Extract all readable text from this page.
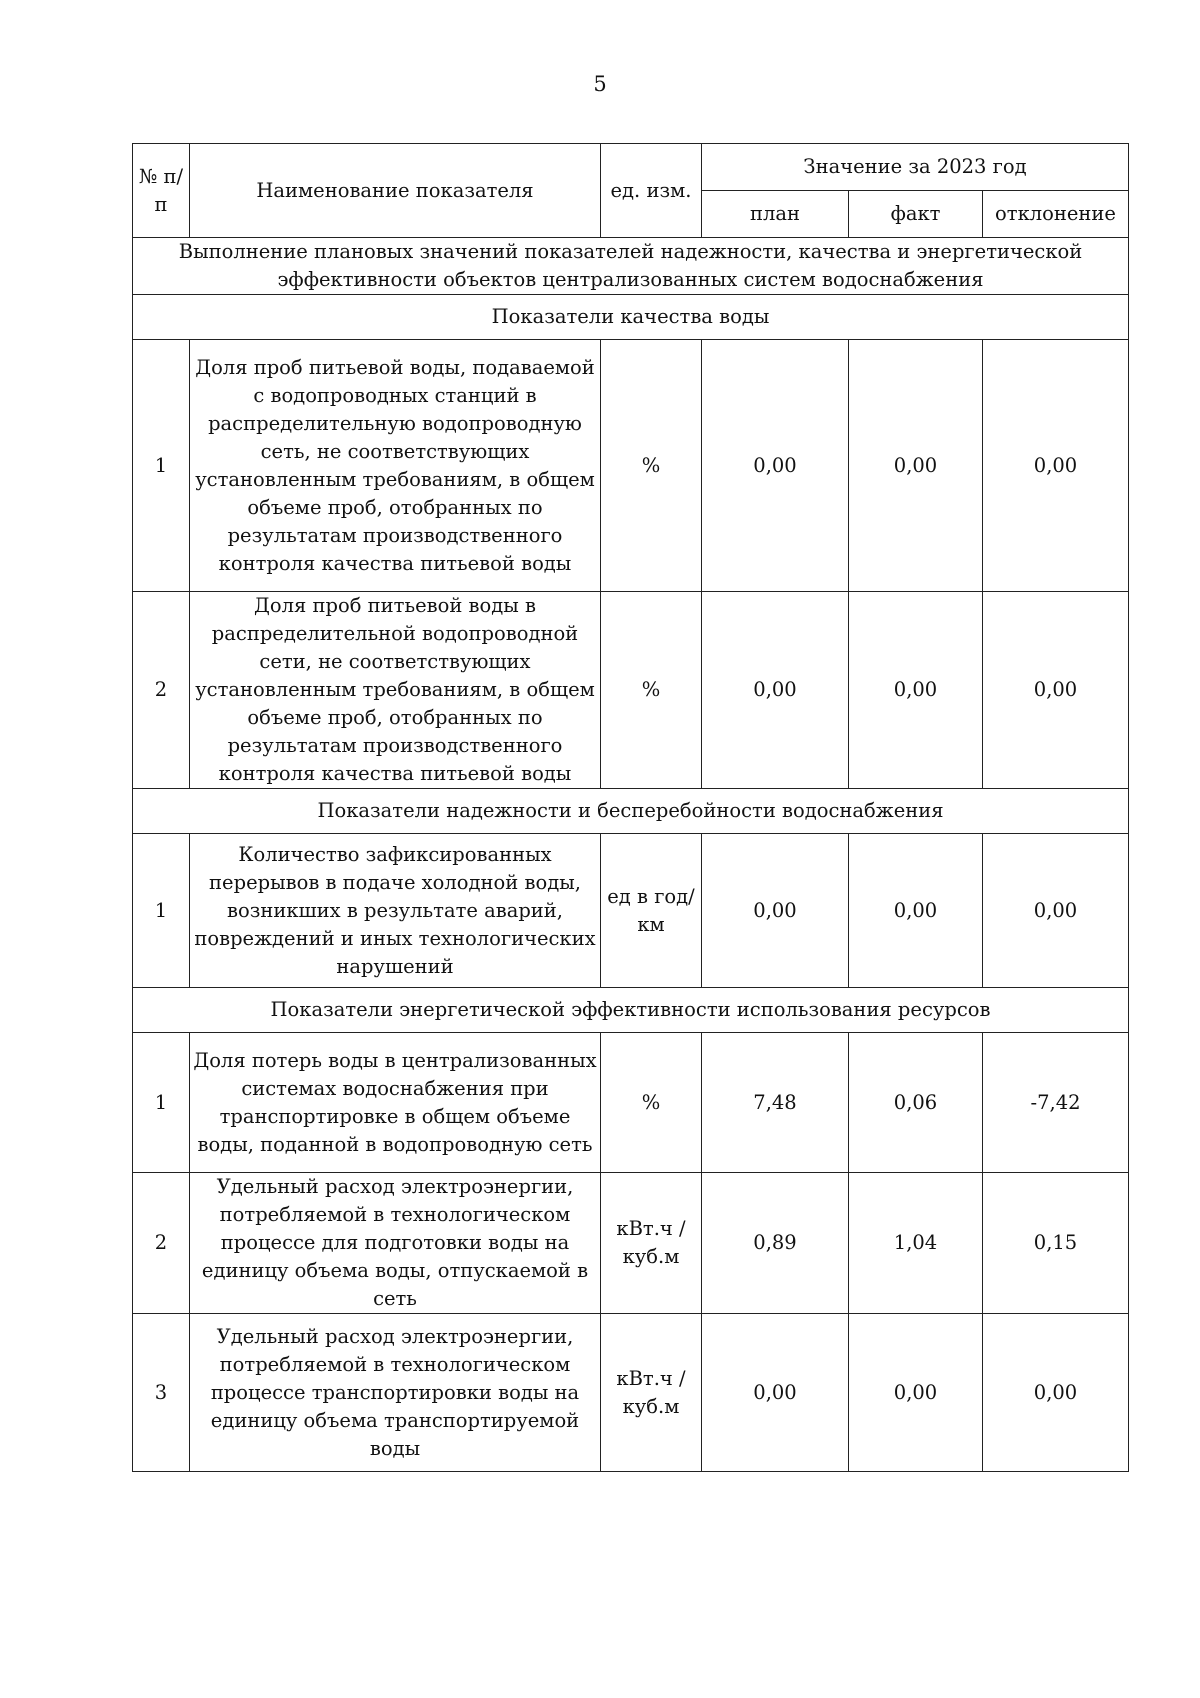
5
№ п/п	Наименование показателя	ед. изм.	Значение за 2023 год		
			план	факт	отклонение
Выполнение плановых значений показателей надежности, качества и энергетической эффективности объектов централизованных систем водоснабжения					
Показатели качества воды					
1	Доля проб питьевой воды, подаваемой с водопроводных станций в распределительную водопроводную сеть, не соответствующих установленным требованиям, в общем объеме проб, отобранных по результатам производственного контроля качества питьевой воды	%	0,00	0,00	0,00
2	Доля проб питьевой воды в распределительной водопроводной сети, не соответствующих установленным требованиям, в общем объеме проб, отобранных по результатам производственного контроля качества питьевой воды	%	0,00	0,00	0,00
Показатели надежности и бесперебойности водоснабжения					
1	Количество зафиксированных перерывов в подаче холодной воды, возникших в результате аварий, повреждений и иных технологических нарушений	ед в год/ км	0,00	0,00	0,00
Показатели энергетической эффективности использования ресурсов					
1	Доля потерь воды в централизованных системах водоснабжения при транспортировке в общем объеме воды, поданной в водопроводную сеть	%	7,48	0,06	-7,42
2	Удельный расход электроэнергии, потребляемой в технологическом процессе для подготовки воды на единицу объема воды, отпускаемой в сеть	кВт.ч / куб.м	0,89	1,04	0,15
3	Удельный расход электроэнергии, потребляемой в технологическом процессе транспортировки воды на единицу объема транспортируемой воды	кВт.ч / куб.м	0,00	0,00	0,00
